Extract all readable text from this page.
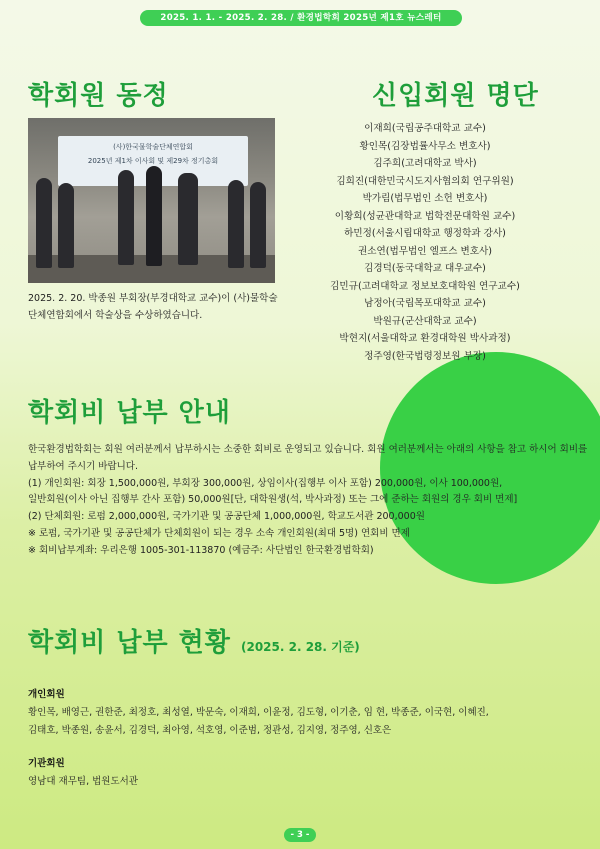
2025. 1. 1. - 2025. 2. 28. / 환경법학회 2025년 제1호 뉴스레터
학회원 동정
(사)한국물학술단체연합회
2025년 제1차 이사회 및 제29차 정기총회
2025. 2. 20. 박종원 부회장(부경대학교 교수)이 (사)물학술 단체연합회에서 학술상을 수상하였습니다.
신입회원 명단
이재희(국립공주대학교 교수)
황인목(김장법률사무소 변호사)
김주희(고려대학교 박사)
김희진(대한민국시도지사협의회 연구위원)
박가림(법무법인 소헌 변호사)
이황희(성균관대학교 법학전문대학원 교수)
하민정(서울시립대학교 행정학과 강사)
권소연(법무법인 엘프스 변호사)
김경덕(동국대학교 대우교수)
김민규(고려대학교 정보보호대학원 연구교수)
남정아(국립목포대학교 교수)
박원규(군산대학교 교수)
박현지(서울대학교 환경대학원 박사과정)
정주영(한국법령정보원 부장)
학회비 납부 안내

한국환경법학회는 회원 여러분께서 납부하시는 소중한 회비로 운영되고 있습니다. 회원 여러분께서는 아래의 사항을 참고 하시어 회비를 납부하여 주시기 바랍니다.

(1) 개인회원: 회장 1,500,000원, 부회장 300,000원, 상임이사(집행부 이사 포함) 200,000원, 이사 100,000원,

일반회원(이사 아닌 집행부 간사 포함) 50,000원[단, 대학원생(석, 박사과정) 또는 그에 준하는 회원의 경우 회비 면제]

(2) 단체회원: 로펌 2,000,000원, 국가기관 및 공공단체 1,000,000원, 학교도서관 200,000원

※ 로펌, 국가기관 및 공공단체가 단체회원이 되는 경우 소속 개인회원(최대 5명) 연회비 면제

※ 회비납부계좌: 우리은행 1005-301-113870 (예금주: 사단법인 한국환경법학회)

학회비 납부 현황 (2025. 2. 28. 기준)
개인회원

황인목, 배영근, 권한준, 최정호, 최성열, 박문숙, 이재희, 이윤정, 김도형, 이기춘, 임 현, 박종준, 이국현, 이혜진,

김태호, 박종원, 송윤서, 김경덕, 최아영, 석호영, 이준범, 정관성, 김지영, 정주영, 신호은

기관회원

영남대 재무팀, 법원도서관

- 3 -
